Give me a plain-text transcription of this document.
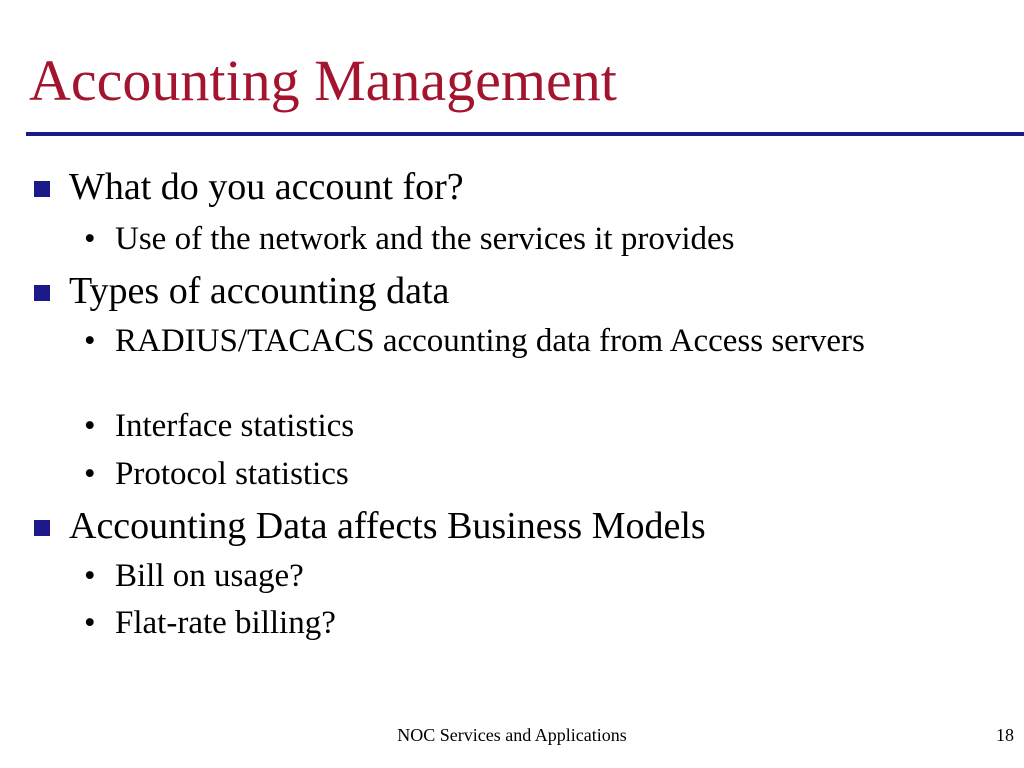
Accounting Management
What do you account for?
• Use of the network and the services it provides
Types of accounting data
• RADIUS/TACACS accounting data from Access servers
• Interface statistics
• Protocol statistics
Accounting Data affects Business Models
• Bill on usage?
• Flat-rate billing?
NOC Services and Applications	18
